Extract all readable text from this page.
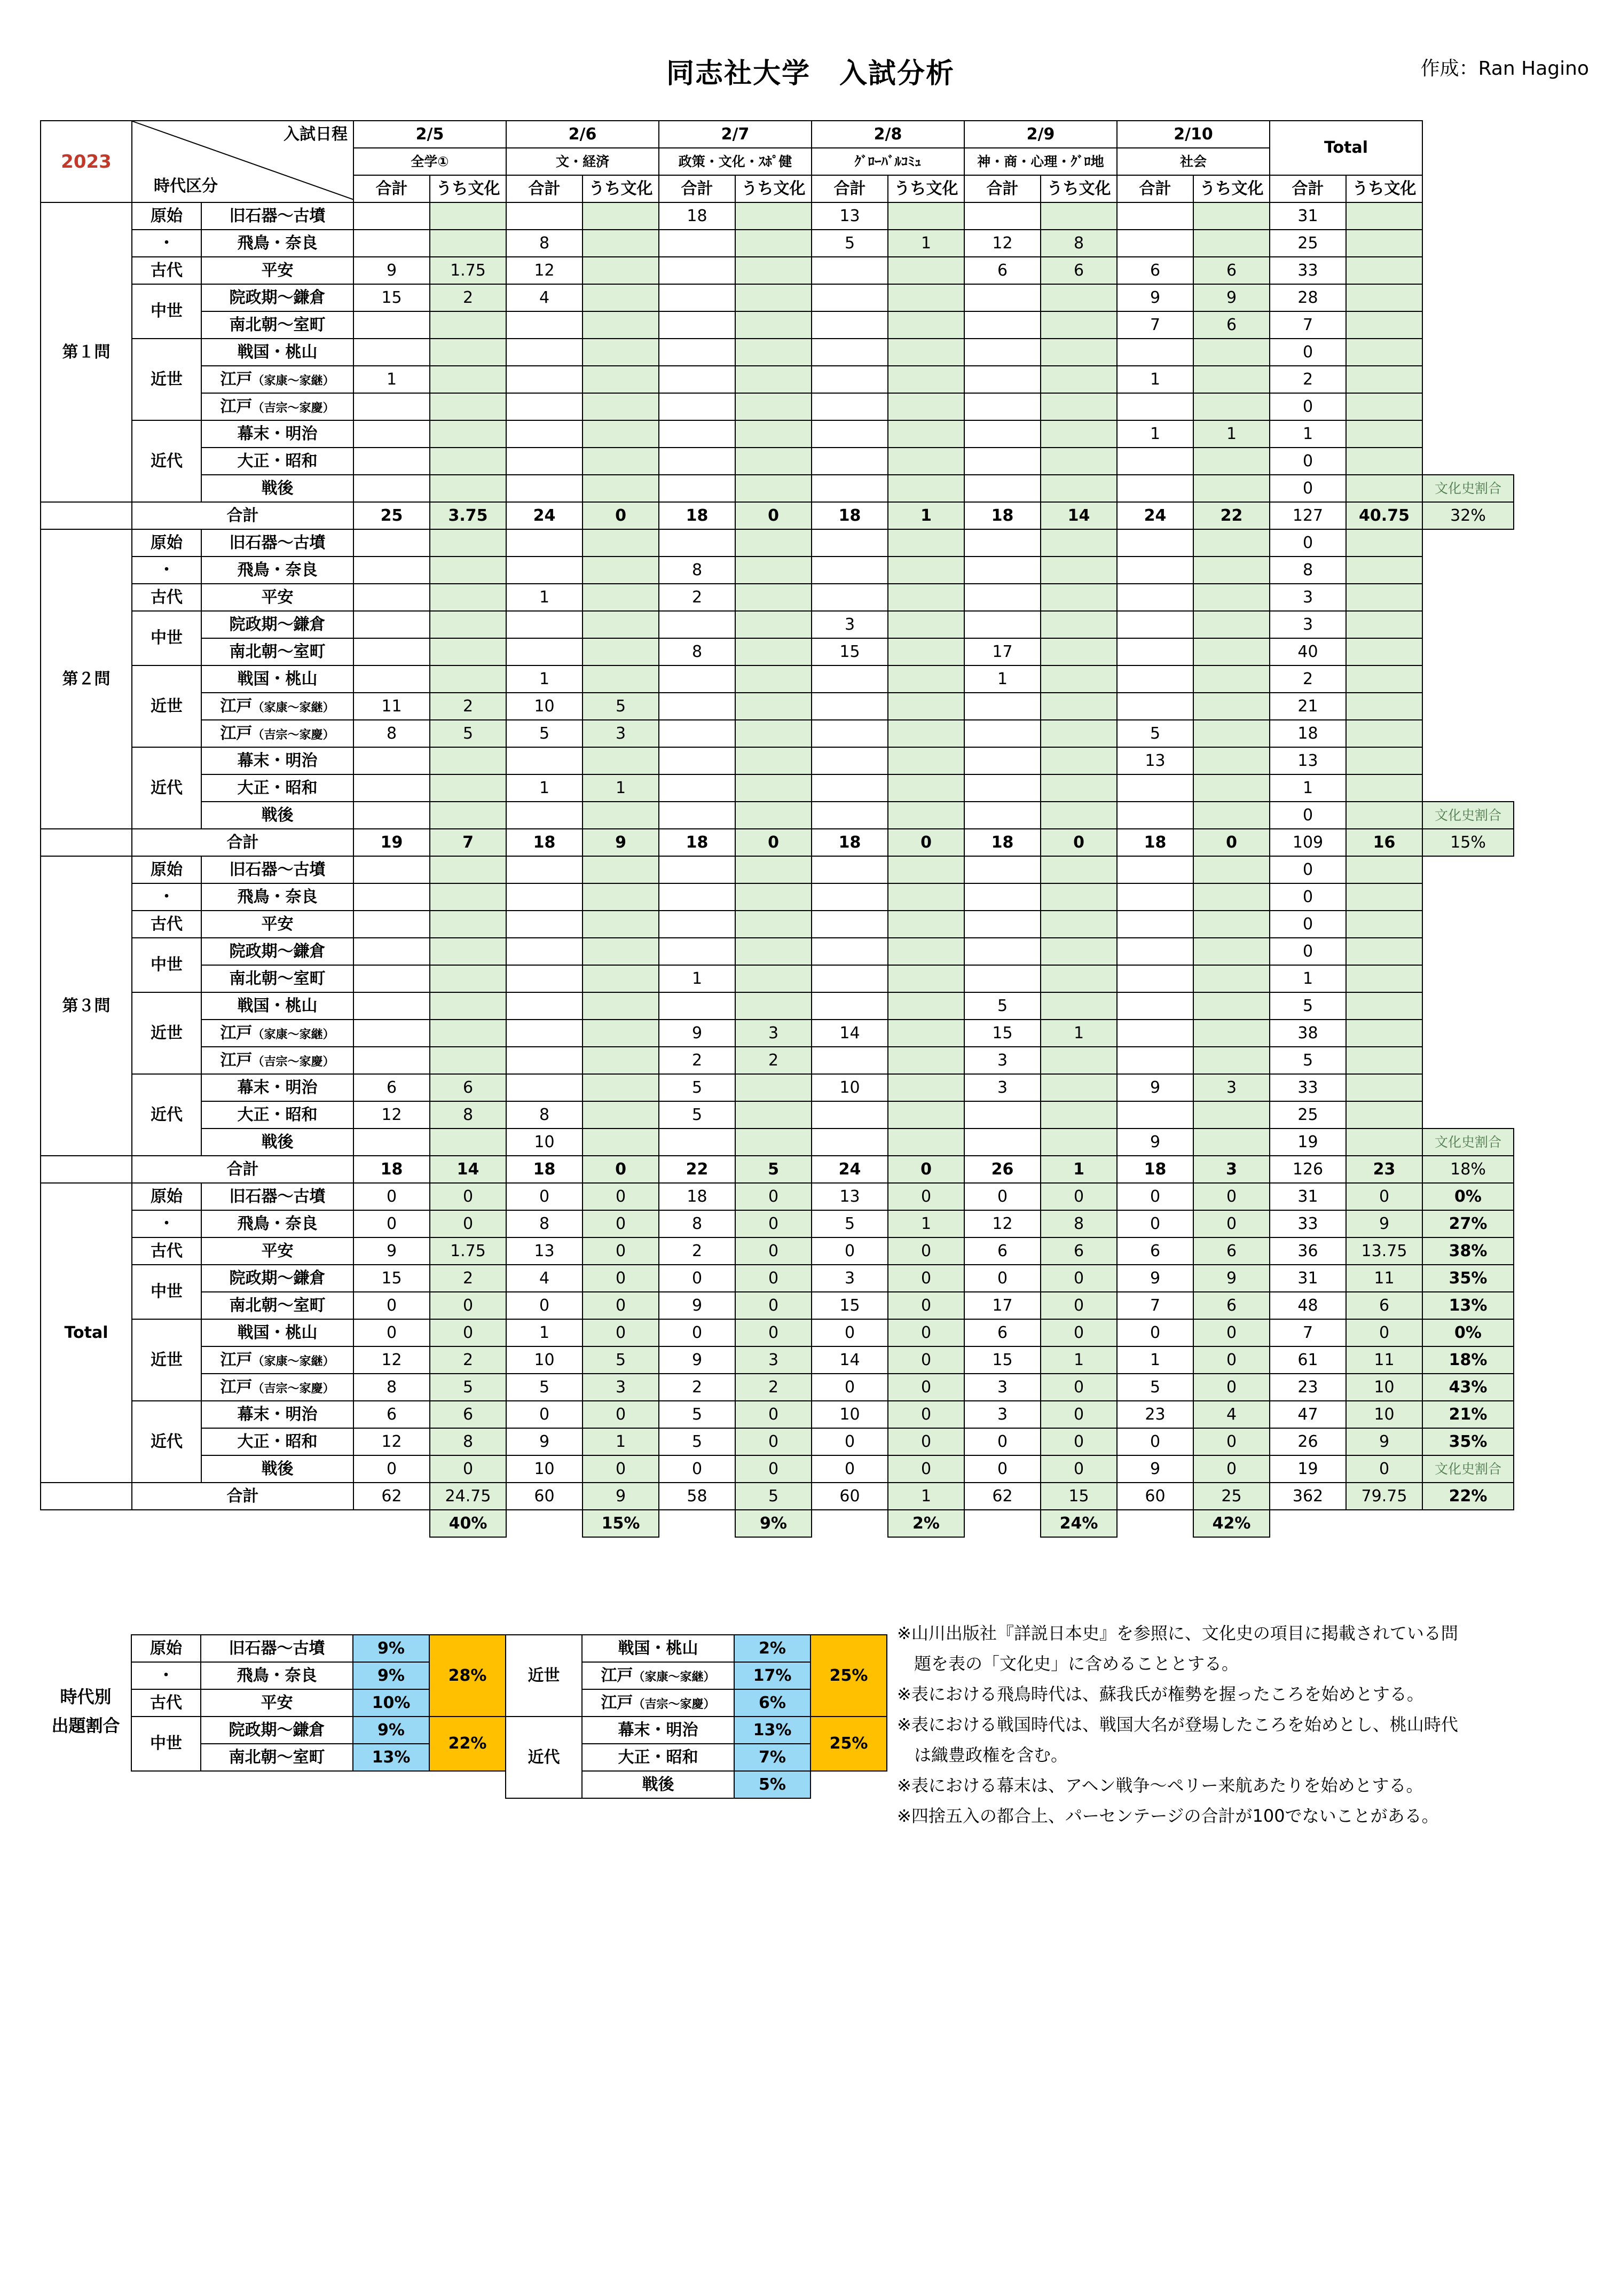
同志社大学　入試分析	作成：Ran Hagino
2023	入試日程
時代区分		2/5		2/6		2/7		2/8		2/9		2/10		Total		
			全学①		文・経済		政策・文化・ｽﾎﾟ健		ｸﾞﾛｰﾊﾞﾙｺﾐｭ		神・商・心理・ｸﾞﾛ地		社会				
			合計	うち文化	合計	うち文化	合計	うち文化	合計	うち文化	合計	うち文化	合計	うち文化	合計	うち文化	
第１問	原始	旧石器～古墳					18		13						31		
	・	飛鳥・奈良			8				5	1	12	8			25		
	古代	平安	9	1.75	12						6	6	6	6	33		
	中世	院政期～鎌倉	15	2	4								9	9	28		
		南北朝～室町											7	6	7		
	近世	戦国・桃山													0		
		江戸（家康～家継）	1										1		2		
		江戸（吉宗～家慶）													0		
	近代	幕末・明治											1	1	1		
		大正・昭和													0		
		戦後													0		文化史割合
	合計		25	3.75	24	0	18	0	18	1	18	14	24	22	127	40.75	32%
第２問	原始	旧石器～古墳													0		
	・	飛鳥・奈良					8								8		
	古代	平安			1		2								3		
	中世	院政期～鎌倉							3						3		
		南北朝～室町					8		15		17				40		
	近世	戦国・桃山			1						1				2		
		江戸（家康～家継）	11	2	10	5									21		
		江戸（吉宗～家慶）	8	5	5	3							5		18		
	近代	幕末・明治											13		13		
		大正・昭和			1	1									1		
		戦後													0		文化史割合
	合計		19	7	18	9	18	0	18	0	18	0	18	0	109	16	15%
第３問	原始	旧石器～古墳													0		
	・	飛鳥・奈良													0		
	古代	平安													0		
	中世	院政期～鎌倉													0		
		南北朝～室町					1								1		
	近世	戦国・桃山									5				5		
		江戸（家康～家継）					9	3	14		15	1			38		
		江戸（吉宗～家慶）					2	2			3				5		
	近代	幕末・明治	6	6			5		10		3		9	3	33		
		大正・昭和	12	8	8		5								25		
		戦後			10								9		19		文化史割合
	合計		18	14	18	0	22	5	24	0	26	1	18	3	126	23	18%
Total	原始	旧石器～古墳	0	0	0	0	18	0	13	0	0	0	0	0	31	0	0%
	・	飛鳥・奈良	0	0	8	0	8	0	5	1	12	8	0	0	33	9	27%
	古代	平安	9	1.75	13	0	2	0	0	0	6	6	6	6	36	13.75	38%
	中世	院政期～鎌倉	15	2	4	0	0	0	3	0	0	0	9	9	31	11	35%
		南北朝～室町	0	0	0	0	9	0	15	0	17	0	7	6	48	6	13%
	近世	戦国・桃山	0	0	1	0	0	0	0	0	6	0	0	0	7	0	0%
		江戸（家康～家継）	12	2	10	5	9	3	14	0	15	1	1	0	61	11	18%
		江戸（吉宗～家慶）	8	5	5	3	2	2	0	0	3	0	5	0	23	10	43%
	近代	幕末・明治	6	6	0	0	5	0	10	0	3	0	23	4	47	10	21%
		大正・昭和	12	8	9	1	5	0	0	0	0	0	0	0	26	9	35%
		戦後	0	0	10	0	0	0	0	0	0	0	9	0	19	0	文化史割合
	合計		62	24.75	60	9	58	5	60	1	62	15	60	25	362	79.75	22%
				40%		15%		9%		2%		24%		42%			
原始	旧石器～古墳	9%	28%	近世	戦国・桃山	2%	25%
・	飛鳥・奈良	9%			江戸（家康～家継）	17%	
古代	平安	10%			江戸（吉宗～家慶）	6%	
中世	院政期～鎌倉	9%	22%	近代	幕末・明治	13%	25%
	南北朝～室町	13%			大正・昭和	7%	
					戦後	5%	
時代別
出題割合
※山川出版社『詳説日本史』を参照に、文化史の項目に掲載されている問
　題を表の「文化史」に含めることとする。
※表における飛鳥時代は、蘇我氏が権勢を握ったころを始めとする。
※表における戦国時代は、戦国大名が登場したころを始めとし、桃山時代
　は織豊政権を含む。
※表における幕末は、アヘン戦争～ペリー来航あたりを始めとする。
※四捨五入の都合上、パーセンテージの合計が100でないことがある。
